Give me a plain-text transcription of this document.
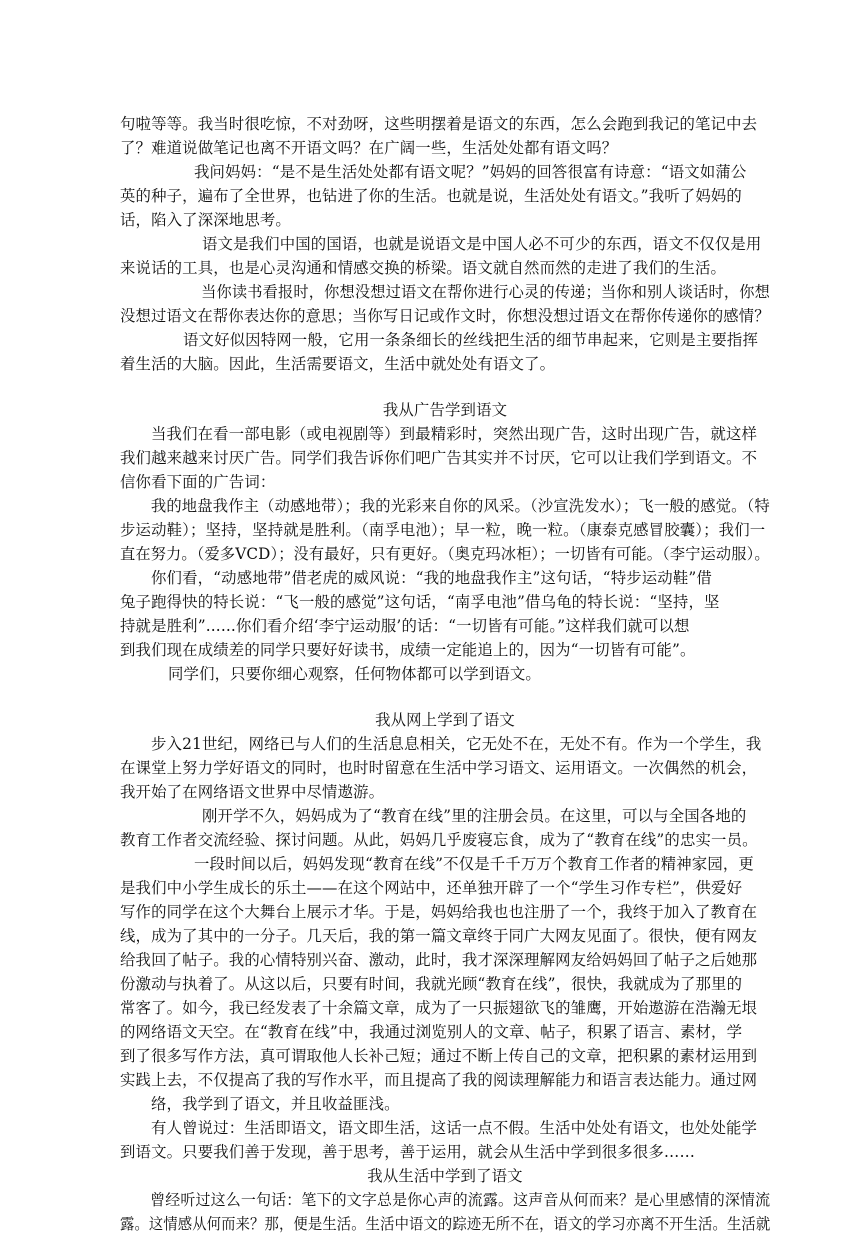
句啦等等。我当时很吃惊，不对劲呀，这些明摆着是语文的东西，怎么会跑到我记的笔记中去

了？难道说做笔记也离不开语文吗？在广阔一些，生活处处都有语文吗？

我问妈妈：“是不是生活处处都有语文呢？”妈妈的回答很富有诗意：“语文如蒲公

英的种子，遍布了全世界，也钻进了你的生活。也就是说，生活处处有语文。”我听了妈妈的

话，陷入了深深地思考。

语文是我们中国的国语，也就是说语文是中国人必不可少的东西，语文不仅仅是用

来说话的工具，也是心灵沟通和情感交换的桥梁。语文就自然而然的走进了我们的生活。

当你读书看报时，你想没想过语文在帮你进行心灵的传递；当你和别人谈话时，你想

没想过语文在帮你表达你的意思；当你写日记或作文时，你想没想过语文在帮你传递你的感情？

语文好似因特网一般，它用一条条细长的丝线把生活的细节串起来，它则是主要指挥

着生活的大脑。因此，生活需要语文，生活中就处处有语文了。

我从广告学到语文

当我们在看一部电影（或电视剧等）到最精彩时，突然出现广告，这时出现广告，就这样

我们越来越来讨厌广告。同学们我告诉你们吧广告其实并不讨厌，它可以让我们学到语文。不

信你看下面的广告词：

我的地盘我作主（动感地带）；我的光彩来自你的风采。（沙宣洗发水）；飞一般的感觉。（特

步运动鞋）；坚持，坚持就是胜利。（南孚电池）；早一粒，晚一粒。（康泰克感冒胶囊）；我们一

直在努力。（爱多VCD）；没有最好，只有更好。（奥克玛冰柜）；一切皆有可能。（李宁运动服）。

你们看，“动感地带”借老虎的威风说：“我的地盘我作主”这句话，“特步运动鞋”借

兔子跑得快的特长说：“飞一般的感觉”这句话，“南孚电池”借乌龟的特长说：“坚持，坚

持就是胜利”......你们看介绍‘李宁运动服’的话：“一切皆有可能。”这样我们就可以想

到我们现在成绩差的同学只要好好读书，成绩一定能追上的，因为“一切皆有可能”。

同学们，只要你细心观察，任何物体都可以学到语文。

我从网上学到了语文

步入21世纪，网络已与人们的生活息息相关，它无处不在，无处不有。作为一个学生，我

在课堂上努力学好语文的同时，也时时留意在生活中学习语文、运用语文。一次偶然的机会，

我开始了在网络语文世界中尽情遨游。

刚开学不久，妈妈成为了“教育在线”里的注册会员。在这里，可以与全国各地的

教育工作者交流经验、探讨问题。从此，妈妈几乎废寝忘食，成为了“教育在线”的忠实一员。

一段时间以后，妈妈发现“教育在线”不仅是千千万万个教育工作者的精神家园，更

是我们中小学生成长的乐土——在这个网站中，还单独开辟了一个“学生习作专栏”，供爱好

写作的同学在这个大舞台上展示才华。于是，妈妈给我也也注册了一个，我终于加入了教育在

线，成为了其中的一分子。几天后，我的第一篇文章终于同广大网友见面了。很快，便有网友

给我回了帖子。我的心情特别兴奋、激动，此时，我才深深理解网友给妈妈回了帖子之后她那

份激动与执着了。从这以后，只要有时间，我就光顾“教育在线”，很快，我就成为了那里的

常客了。如今，我已经发表了十余篇文章，成为了一只振翅欲飞的雏鹰，开始遨游在浩瀚无垠

的网络语文天空。在“教育在线”中，我通过浏览别人的文章、帖子，积累了语言、素材，学

到了很多写作方法，真可谓取他人长补己短；通过不断上传自己的文章，把积累的素材运用到

实践上去，不仅提高了我的写作水平，而且提高了我的阅读理解能力和语言表达能力。通过网

络，我学到了语文，并且收益匪浅。

有人曾说过：生活即语文，语文即生活，这话一点不假。生活中处处有语文，也处处能学

到语文。只要我们善于发现，善于思考，善于运用，就会从生活中学到很多很多……

我从生活中学到了语文

曾经听过这么一句话：笔下的文字总是你心声的流露。这声音从何而来？是心里感情的深情流

露。这情感从何而来？那，便是生活。生活中语文的踪迹无所不在，语文的学习亦离不开生活。生活就
